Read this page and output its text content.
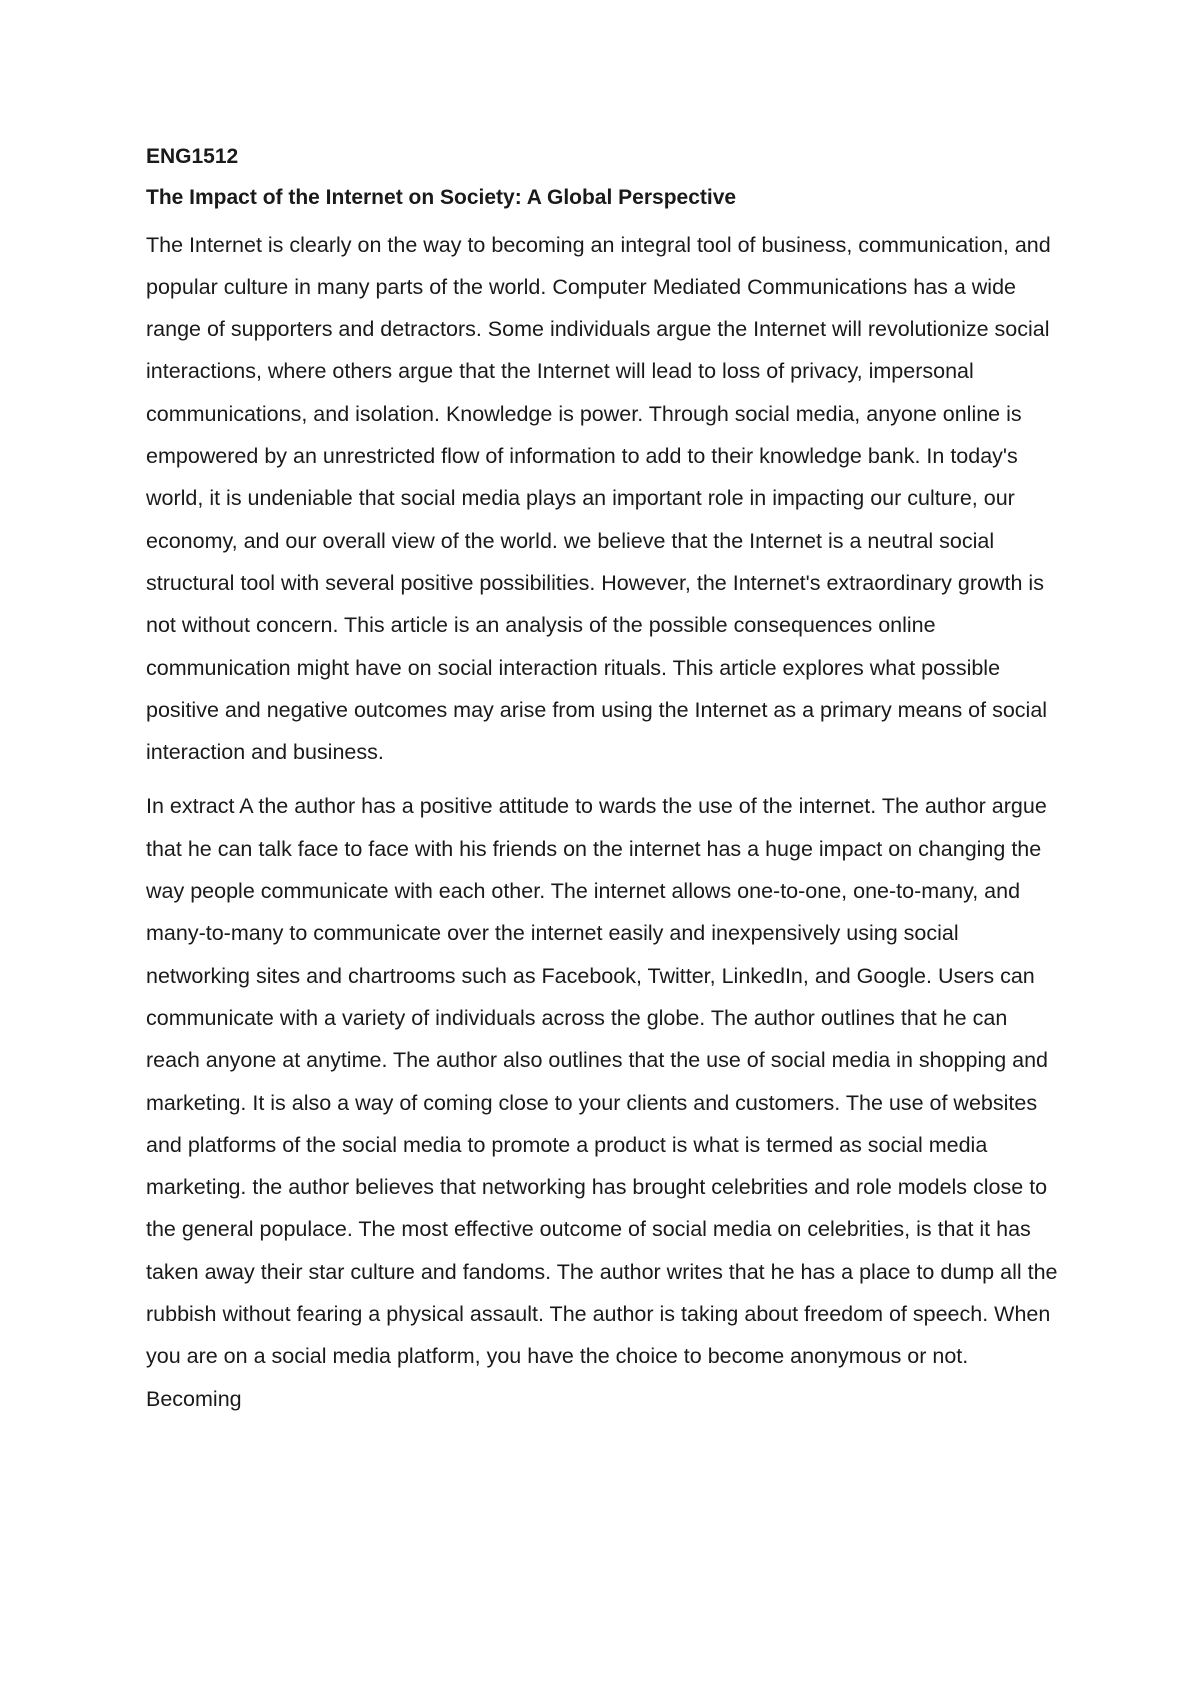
ENG1512

The Impact of the Internet on Society: A Global Perspective

The Internet is clearly on the way to becoming an integral tool of business, communication, and popular culture in many parts of the world. Computer Mediated Communications has a wide range of supporters and detractors. Some individuals argue the Internet will revolutionize social interactions, where others argue that the Internet will lead to loss of privacy, impersonal communications, and isolation. Knowledge is power. Through social media, anyone online is empowered by an unrestricted flow of information to add to their knowledge bank. In today's world, it is undeniable that social media plays an important role in impacting our culture, our economy, and our overall view of the world. we believe that the Internet is a neutral social structural tool with several positive possibilities. However, the Internet's extraordinary growth is not without concern. This article is an analysis of the possible consequences online communication might have on social interaction rituals. This article explores what possible positive and negative outcomes may arise from using the Internet as a primary means of social interaction and business.

In extract A the author has a positive attitude to wards the use of the internet. The author argue that he can talk face to face with his friends on the internet has a huge impact on changing the way people communicate with each other. The internet allows one-to-one, one-to-many, and many-to-many to communicate over the internet easily and inexpensively using social networking sites and chartrooms such as Facebook, Twitter, LinkedIn, and Google. Users can communicate with a variety of individuals across the globe. The author outlines that he can reach anyone at anytime. The author also outlines that the use of social media in shopping and marketing. It is also a way of coming close to your clients and customers. The use of websites and platforms of the social media to promote a product is what is termed as social media marketing. the author believes that networking has brought celebrities and role models close to the general populace. The most effective outcome of social media on celebrities, is that it has taken away their star culture and fandoms. The author writes that he has a place to dump all the rubbish without fearing a physical assault. The author is taking about freedom of speech. When you are on a social media platform, you have the choice to become anonymous or not. Becoming
